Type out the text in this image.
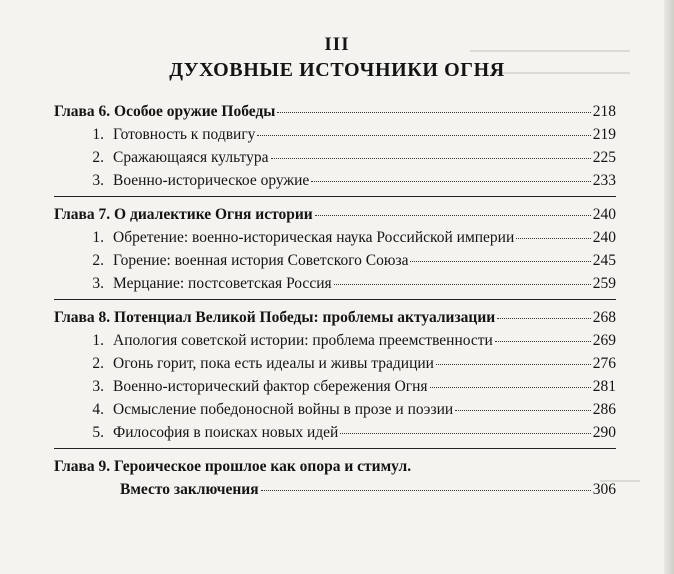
III
ДУХОВНЫЕ ИСТОЧНИКИ ОГНЯ
Глава 6. Особое оружие Победы	218
1. Готовность к подвигу	219
2. Сражающаяся культура	225
3. Военно-историческое оружие	233
Глава 7. О диалектике Огня истории	240
1. Обретение: военно-историческая наука Российской империи	240
2. Горение: военная история Советского Союза	245
3. Мерцание: постсоветская Россия	259
Глава 8. Потенциал Великой Победы: проблемы актуализации	268
1. Апология советской истории: проблема преемственности	269
2. Огонь горит, пока есть идеалы и живы традиции	276
3. Военно-исторический фактор сбережения Огня	281
4. Осмысление победоносной войны в прозе и поэзии	286
5. Философия в поисках новых идей	290
Глава 9. Героическое прошлое как опора и стимул.
Вместо заключения	306
